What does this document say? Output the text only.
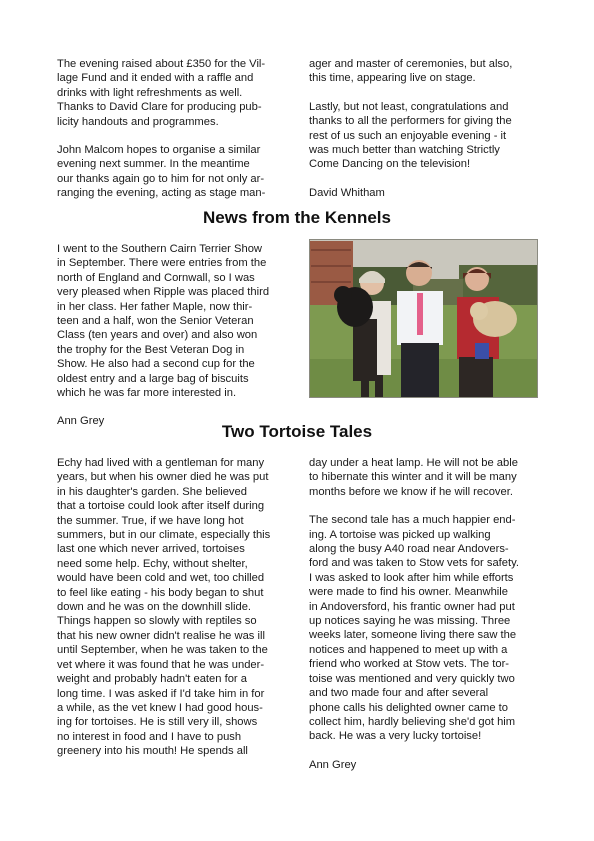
The evening raised about £350 for the Vil-
lage Fund and it ended with a raffle and
drinks with light refreshments as well.
Thanks to David Clare for producing pub-
licity handouts and programmes.

John Malcom hopes to organise a similar
evening next summer. In the meantime
our thanks again go to him for not only ar-
ranging the evening, acting as stage man-

ager and master of ceremonies, but also,
this time, appearing live on stage.

Lastly, but not least, congratulations and
thanks to all the performers for giving the
rest of us such an enjoyable evening - it
was much better than watching Strictly
Come Dancing on the television!

David Whitham

News from the Kennels

I went to the Southern Cairn Terrier Show
in September. There were entries from the
north of England and Cornwall, so I was
very pleased when Ripple was placed third
in her class. Her father Maple, now thir-
teen and a half, won the Senior Veteran
Class (ten years and over) and also won
the trophy for the Best Veteran Dog in
Show. He also had a second cup for the
oldest entry and a large bag of biscuits
which he was far more interested in.

Ann Grey

Two Tortoise Tales

Echy had lived with a gentleman for many
years, but when his owner died he was put
in his daughter's garden. She believed
that a tortoise could look after itself during
the summer. True, if we have long hot
summers, but in our climate, especially this
last one which never arrived, tortoises
need some help. Echy, without shelter,
would have been cold and wet, too chilled
to feel like eating - his body began to shut
down and he was on the downhill slide.
Things happen so slowly with reptiles so
that his new owner didn't realise he was ill
until September, when he was taken to the
vet where it was found that he was under-
weight and probably hadn't eaten for a
long time. I was asked if I'd take him in for
a while, as the vet knew I had good hous-
ing for tortoises. He is still very ill, shows
no interest in food and I have to push
greenery into his mouth! He spends all

day under a heat lamp. He will not be able
to hibernate this winter and it will be many
months before we know if he will recover.

The second tale has a much happier end-
ing. A tortoise was picked up walking
along the busy A40 road near Andovers-
ford and was taken to Stow vets for safety.
I was asked to look after him while efforts
were made to find his owner. Meanwhile
in Andoversford, his frantic owner had put
up notices saying he was missing. Three
weeks later, someone living there saw the
notices and happened to meet up with a
friend who worked at Stow vets. The tor-
toise was mentioned and very quickly two
and two made four and after several
phone calls his delighted owner came to
collect him, hardly believing she'd got him
back. He was a very lucky tortoise!

Ann Grey
